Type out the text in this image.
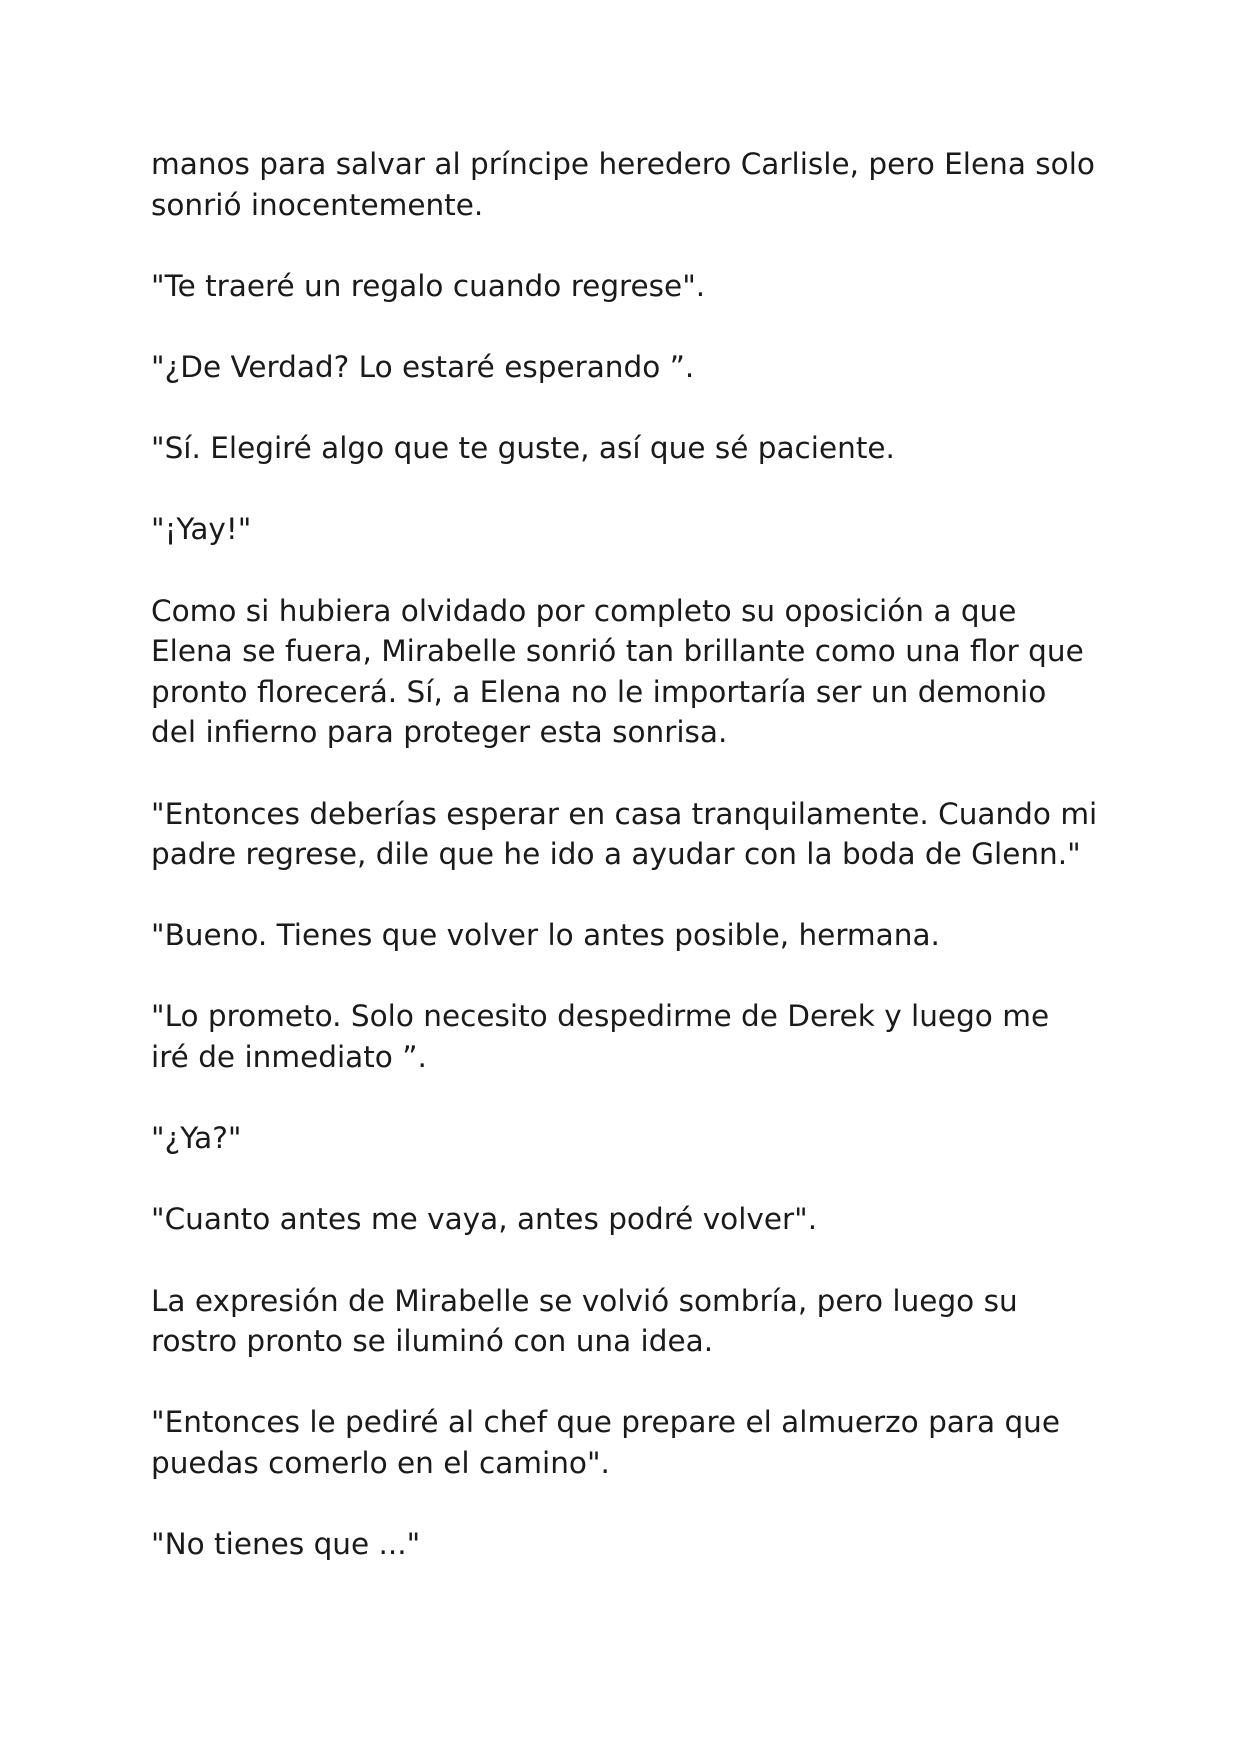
manos para salvar al príncipe heredero Carlisle, pero Elena solo
sonrió inocentemente.

"Te traeré un regalo cuando regrese".

"¿De Verdad? Lo estaré esperando ”.

"Sí. Elegiré algo que te guste, así que sé paciente.

"¡Yay!"

Como si hubiera olvidado por completo su oposición a que
Elena se fuera, Mirabelle sonrió tan brillante como una flor que
pronto florecerá. Sí, a Elena no le importaría ser un demonio
del infierno para proteger esta sonrisa.

"Entonces deberías esperar en casa tranquilamente. Cuando mi
padre regrese, dile que he ido a ayudar con la boda de Glenn."

"Bueno. Tienes que volver lo antes posible, hermana.

"Lo prometo. Solo necesito despedirme de Derek y luego me
iré de inmediato ”.

"¿Ya?"

"Cuanto antes me vaya, antes podré volver".

La expresión de Mirabelle se volvió sombría, pero luego su
rostro pronto se iluminó con una idea.

"Entonces le pediré al chef que prepare el almuerzo para que
puedas comerlo en el camino".

"No tienes que ..."
